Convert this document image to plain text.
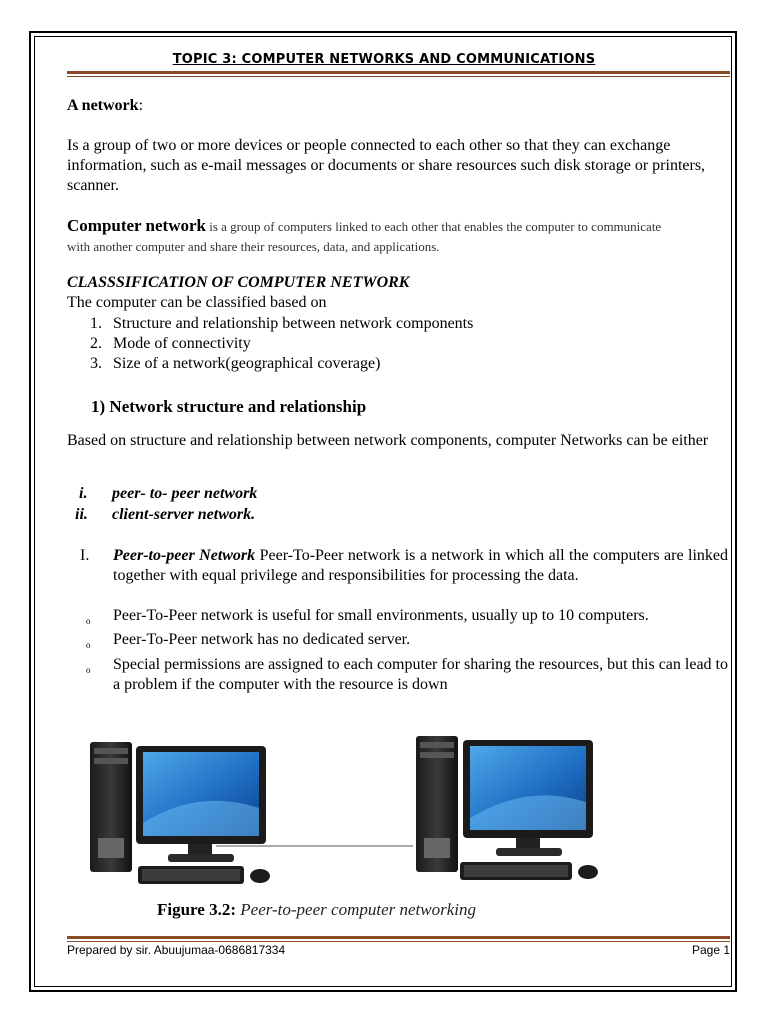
TOPIC 3: COMPUTER NETWORKS AND COMMUNICATIONS
A network:
Is a group of two or more devices or people connected to each other so that they can exchange information, such as e-mail messages or documents or share resources such disk storage or printers, scanner.
Computer network is a group of computers linked to each other that enables the computer to communicate with another computer and share their resources, data, and applications.
CLASSSIFICATION OF COMPUTER NETWORK
The computer can be classified based on
1. Structure and relationship between network components
2. Mode of connectivity
3. Size of a network(geographical coverage)
1) Network structure and relationship
Based on structure and relationship between network components, computer Networks can be either
i. peer- to- peer network
ii. client-server network.
I.	Peer-to-peer Network Peer-To-Peer network is a network in which all the computers are linked together with equal privilege and responsibilities for processing the data.
o Peer-To-Peer network is useful for small environments, usually up to 10 computers.
o Peer-To-Peer network has no dedicated server.
o Special permissions are assigned to each computer for sharing the resources, but this can lead to a problem if the computer with the resource is down
Figure 3.2: Peer-to-peer computer networking
Prepared by sir. Abuujumaa-0686817334	Page 1
